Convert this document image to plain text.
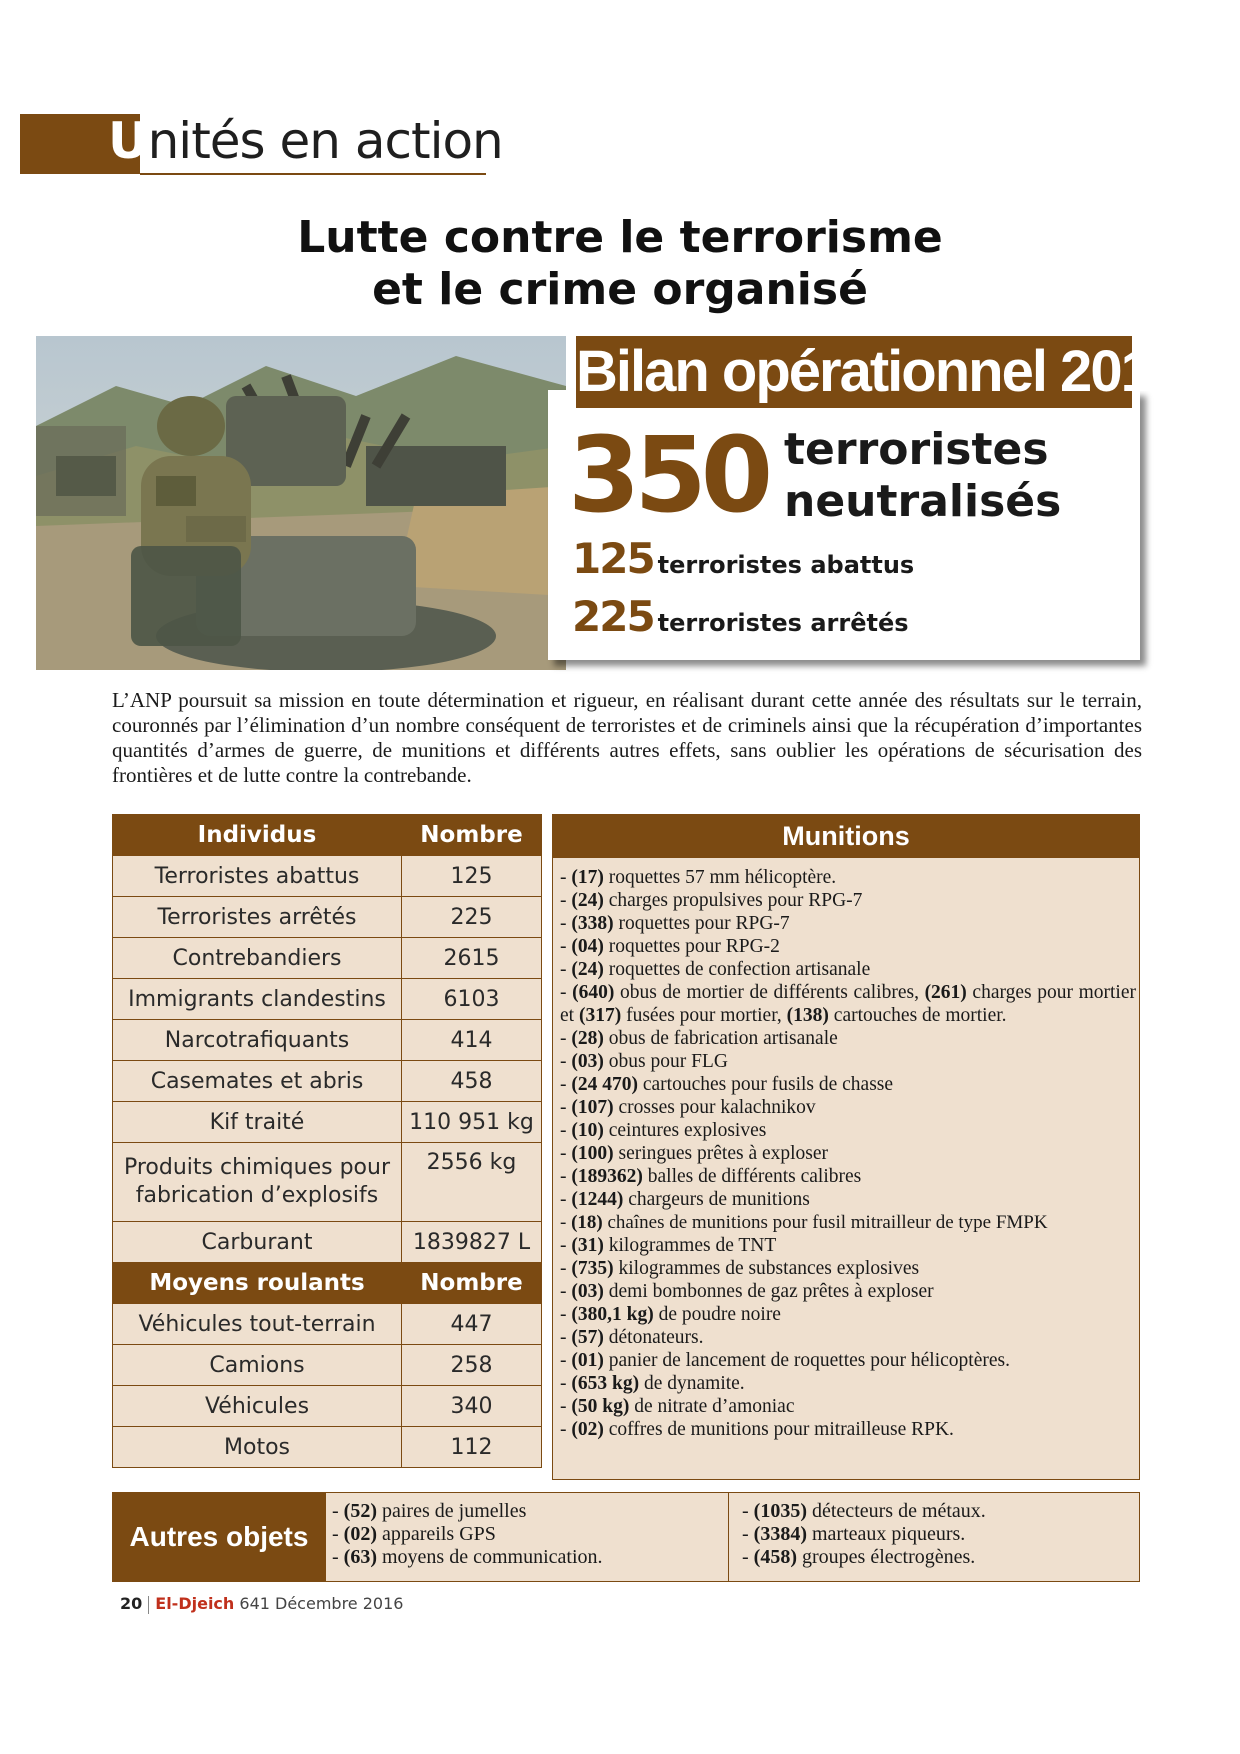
Unités en action
Lutte contre le terrorisme
et le crime organisé
Bilan opérationnel 2016
350 terroristes
neutralisés
125 terroristes abattus
225 terroristes arrêtés
L’ANP poursuit sa mission en toute détermination et rigueur, en réalisant durant cette année des résultats sur le terrain, couronnés par l’élimination d’un nombre conséquent de terroristes et de criminels ainsi que la récupération d’importantes quantités d’armes de guerre, de munitions et différents autres effets, sans oublier les opérations de sécurisation des frontières et de lutte contre la contrebande.
Individus	Nombre
Terroristes abattus	125
Terroristes arrêtés	225
Contrebandiers	2615
Immigrants clandestins	6103
Narcotrafiquants	414
Casemates et abris	458
Kif traité	110 951 kg
Produits chimiques pour fabrication d’explosifs	2556 kg
Carburant	1839827 L
Moyens roulants	Nombre
Véhicules tout-terrain	447
Camions	258
Véhicules	340
Motos	112
Munitions
- (17) roquettes 57 mm hélicoptère.
- (24) charges propulsives pour RPG-7
- (338) roquettes pour RPG-7
- (04) roquettes pour RPG-2
- (24) roquettes de confection artisanale
- (640) obus de mortier de différents calibres, (261) charges pour mortier et (317) fusées pour mortier, (138) cartouches de mortier.
- (28) obus de fabrication artisanale
- (03) obus pour FLG
- (24 470) cartouches pour fusils de chasse
- (107) crosses pour kalachnikov
- (10) ceintures explosives
- (100) seringues prêtes à exploser
- (189362) balles de différents calibres
- (1244) chargeurs de munitions
- (18) chaînes de munitions pour fusil mitrailleur de type FMPK
- (31) kilogrammes de TNT
- (735) kilogrammes de substances explosives
- (03) demi bombonnes de gaz prêtes à exploser
- (380,1 kg) de poudre noire
- (57) détonateurs.
- (01) panier de lancement de roquettes pour hélicoptères.
- (653 kg) de dynamite.
- (50 kg) de nitrate d’amoniac
- (02) coffres de munitions pour mitrailleuse RPK.
Autres objets
- (52) paires de jumelles
- (02) appareils GPS
- (63) moyens de communication.
- (1035) détecteurs de métaux.
- (3384) marteaux piqueurs.
- (458) groupes électrogènes.
20 El-Djeich 641 Décembre 2016
